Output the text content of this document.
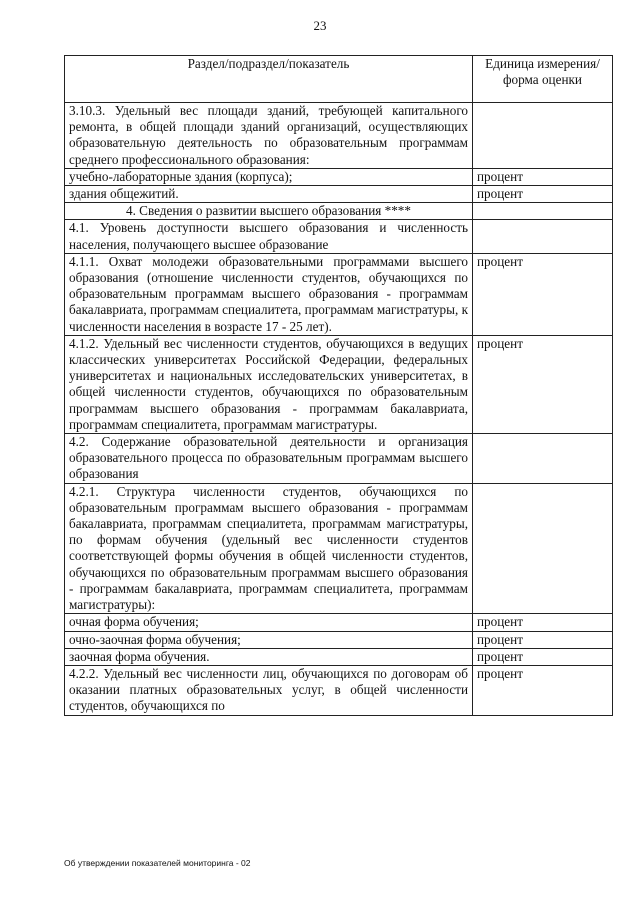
23
Раздел/подраздел/показатель	Единица измерения/ форма оценки
3.10.3. Удельный вес площади зданий, требующей капитального ремонта, в общей площади зданий организаций, осуществляющих образовательную деятельность по образовательным программам среднего профессионального образования:	
учебно-лабораторные здания (корпуса);	процент
здания общежитий.	процент
4. Сведения о развитии высшего образования ****	
4.1. Уровень доступности высшего образования и численность населения, получающего высшее образование	
4.1.1. Охват молодежи образовательными программами высшего образования (отношение численности студентов, обучающихся по образовательным программам высшего образования - программам бакалавриата, программам специалитета, программам магистратуры, к численности населения в возрасте 17 - 25 лет).	процент
4.1.2. Удельный вес численности студентов, обучающихся в ведущих классических университетах Российской Федерации, федеральных университетах и национальных исследовательских университетах, в общей численности студентов, обучающихся по образовательным программам высшего образования - программам бакалавриата, программам специалитета, программам магистратуры.	процент
4.2. Содержание образовательной деятельности и организация образовательного процесса по образовательным программам высшего образования	
4.2.1. Структура численности студентов, обучающихся по образовательным программам высшего образования - программам бакалавриата, программам специалитета, программам магистратуры, по формам обучения (удельный вес численности студентов соответствующей формы обучения в общей численности студентов, обучающихся по образовательным программам высшего образования - программам бакалавриата, программам специалитета, программам магистратуры):	
очная форма обучения;	процент
очно-заочная форма обучения;	процент
заочная форма обучения.	процент
4.2.2. Удельный вес численности лиц, обучающихся по договорам об оказании платных образовательных услуг, в общей численности студентов, обучающихся по	процент
Об утверждении показателей мониторинга - 02
